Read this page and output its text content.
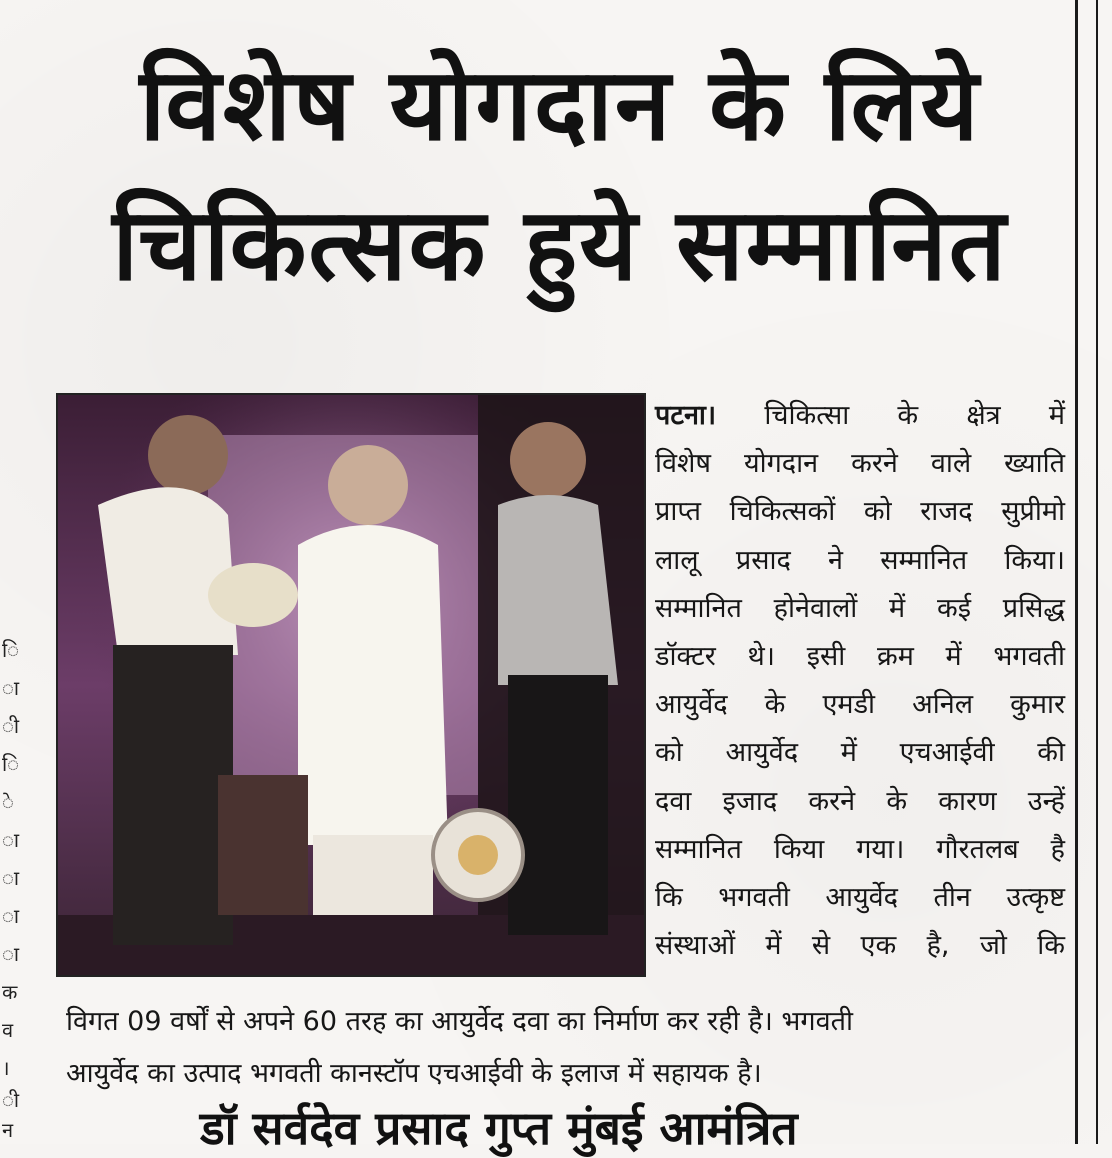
ि
ा
ी
ि
े
ा
ा
ा
ा
क
व
।
ी
न
विशेष योगदान के लिये
चिकित्सक हुये सम्मानित

पटना। चिकित्सा के क्षेत्र में

विशेष योगदान करने वाले ख्याति

प्राप्त चिकित्सकों को राजद सुप्रीमो

लालू प्रसाद ने सम्मानित किया।

सम्मानित होनेवालों में कई प्रसिद्ध

डॉक्टर थे। इसी क्रम में भगवती

आयुर्वेद के एमडी अनिल कुमार

को आयुर्वेद में एचआईवी की

दवा इजाद करने के कारण उन्हें

सम्मानित किया गया। गौरतलब है

कि भगवती आयुर्वेद तीन उत्कृष्ट

संस्थाओं में से एक है, जो कि

विगत 09 वर्षों से अपने 60 तरह का आयुर्वेद दवा का निर्माण कर रही है। भगवती

आयुर्वेद का उत्पाद भगवती कानस्टॉप एचआईवी के इलाज में सहायक है।

डॉ सर्वदेव प्रसाद गुप्त मुंबई आमंत्रित
